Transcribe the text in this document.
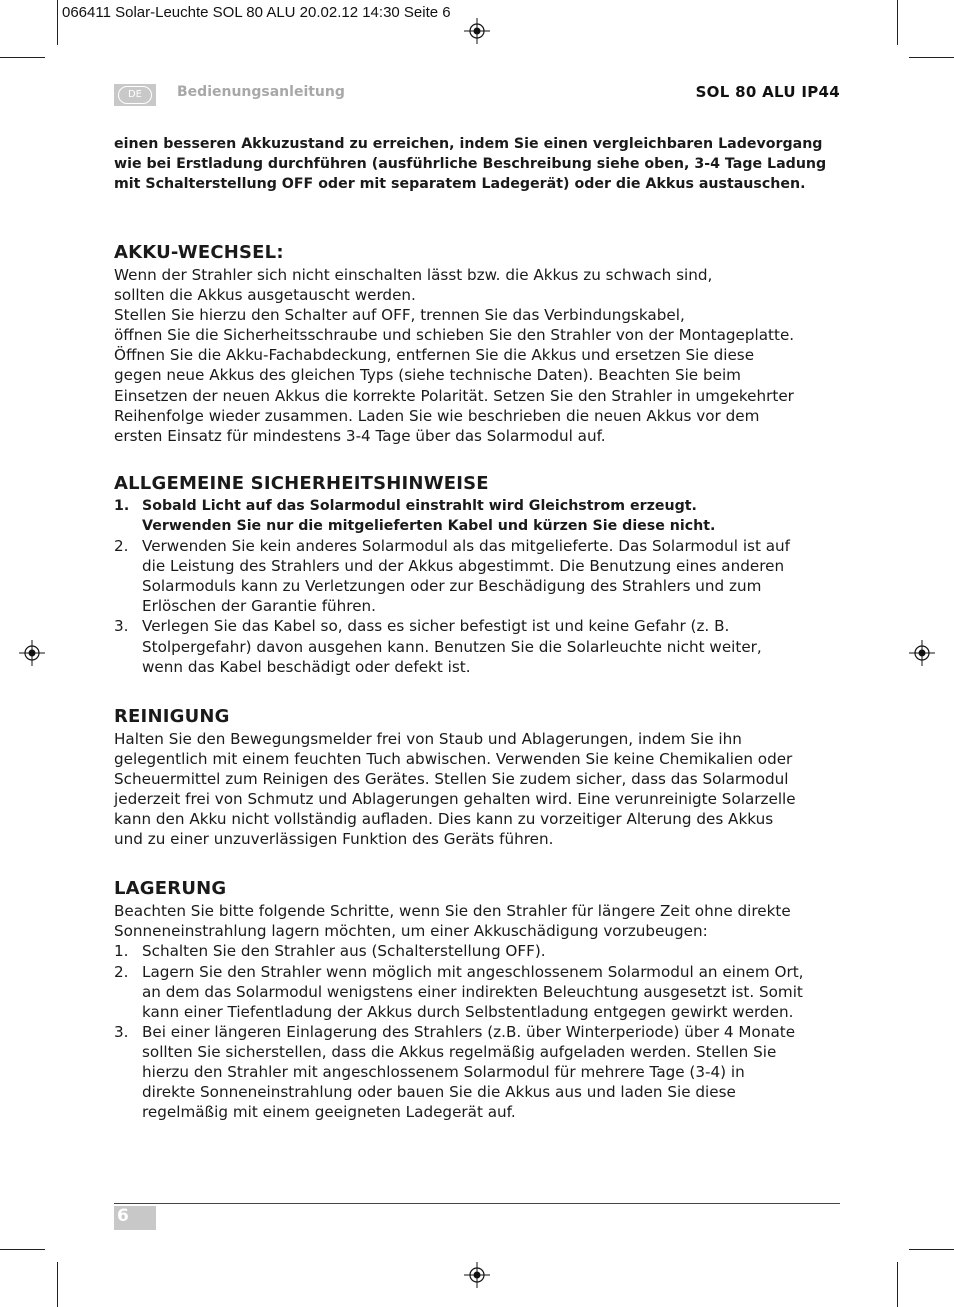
066411 Solar-Leuchte SOL 80 ALU 20.02.12 14:30 Seite 6
DE	Bedienungsanleitung	SOL 80 ALU IP44
einen besseren Akkuzustand zu erreichen, indem Sie einen vergleichbaren Ladevorgang
wie bei Erstladung durchführen (ausführliche Beschreibung siehe oben, 3-4 Tage Ladung
mit Schalterstellung OFF oder mit separatem Ladegerät) oder die Akkus austauschen.
AKKU-WECHSEL:
Wenn der Strahler sich nicht einschalten lässt bzw. die Akkus zu schwach sind,
sollten die Akkus ausgetauscht werden.
Stellen Sie hierzu den Schalter auf OFF, trennen Sie das Verbindungskabel,
öffnen Sie die Sicherheitsschraube und schieben Sie den Strahler von der Montageplatte.
Öffnen Sie die Akku-Fachabdeckung, entfernen Sie die Akkus und ersetzen Sie diese
gegen neue Akkus des gleichen Typs (siehe technische Daten). Beachten Sie beim
Einsetzen der neuen Akkus die korrekte Polarität. Setzen Sie den Strahler in umgekehrter
Reihenfolge wieder zusammen. Laden Sie wie beschrieben die neuen Akkus vor dem
ersten Einsatz für mindestens 3-4 Tage über das Solarmodul auf.
ALLGEMEINE SICHERHEITSHINWEISE
1. Sobald Licht auf das Solarmodul einstrahlt wird Gleichstrom erzeugt.
Verwenden Sie nur die mitgelieferten Kabel und kürzen Sie diese nicht.
2. Verwenden Sie kein anderes Solarmodul als das mitgelieferte. Das Solarmodul ist auf
die Leistung des Strahlers und der Akkus abgestimmt. Die Benutzung eines anderen
Solarmoduls kann zu Verletzungen oder zur Beschädigung des Strahlers und zum
Erlöschen der Garantie führen.
3. Verlegen Sie das Kabel so, dass es sicher befestigt ist und keine Gefahr (z. B.
Stolpergefahr) davon ausgehen kann. Benutzen Sie die Solarleuchte nicht weiter,
wenn das Kabel beschädigt oder defekt ist.
REINIGUNG
Halten Sie den Bewegungsmelder frei von Staub und Ablagerungen, indem Sie ihn
gelegentlich mit einem feuchten Tuch abwischen. Verwenden Sie keine Chemikalien oder
Scheuermittel zum Reinigen des Gerätes. Stellen Sie zudem sicher, dass das Solarmodul
jederzeit frei von Schmutz und Ablagerungen gehalten wird. Eine verunreinigte Solarzelle
kann den Akku nicht vollständig aufladen. Dies kann zu vorzeitiger Alterung des Akkus
und zu einer unzuverlässigen Funktion des Geräts führen.
LAGERUNG
Beachten Sie bitte folgende Schritte, wenn Sie den Strahler für längere Zeit ohne direkte
Sonneneinstrahlung lagern möchten, um einer Akkuschädigung vorzubeugen:
1. Schalten Sie den Strahler aus (Schalterstellung OFF).
2. Lagern Sie den Strahler wenn möglich mit angeschlossenem Solarmodul an einem Ort,
an dem das Solarmodul wenigstens einer indirekten Beleuchtung ausgesetzt ist. Somit
kann einer Tiefentladung der Akkus durch Selbstentladung entgegen gewirkt werden.
3. Bei einer längeren Einlagerung des Strahlers (z.B. über Winterperiode) über 4 Monate
sollten Sie sicherstellen, dass die Akkus regelmäßig aufgeladen werden. Stellen Sie
hierzu den Strahler mit angeschlossenem Solarmodul für mehrere Tage (3-4) in
direkte Sonneneinstrahlung oder bauen Sie die Akkus aus und laden Sie diese
regelmäßig mit einem geeigneten Ladegerät auf.
6
